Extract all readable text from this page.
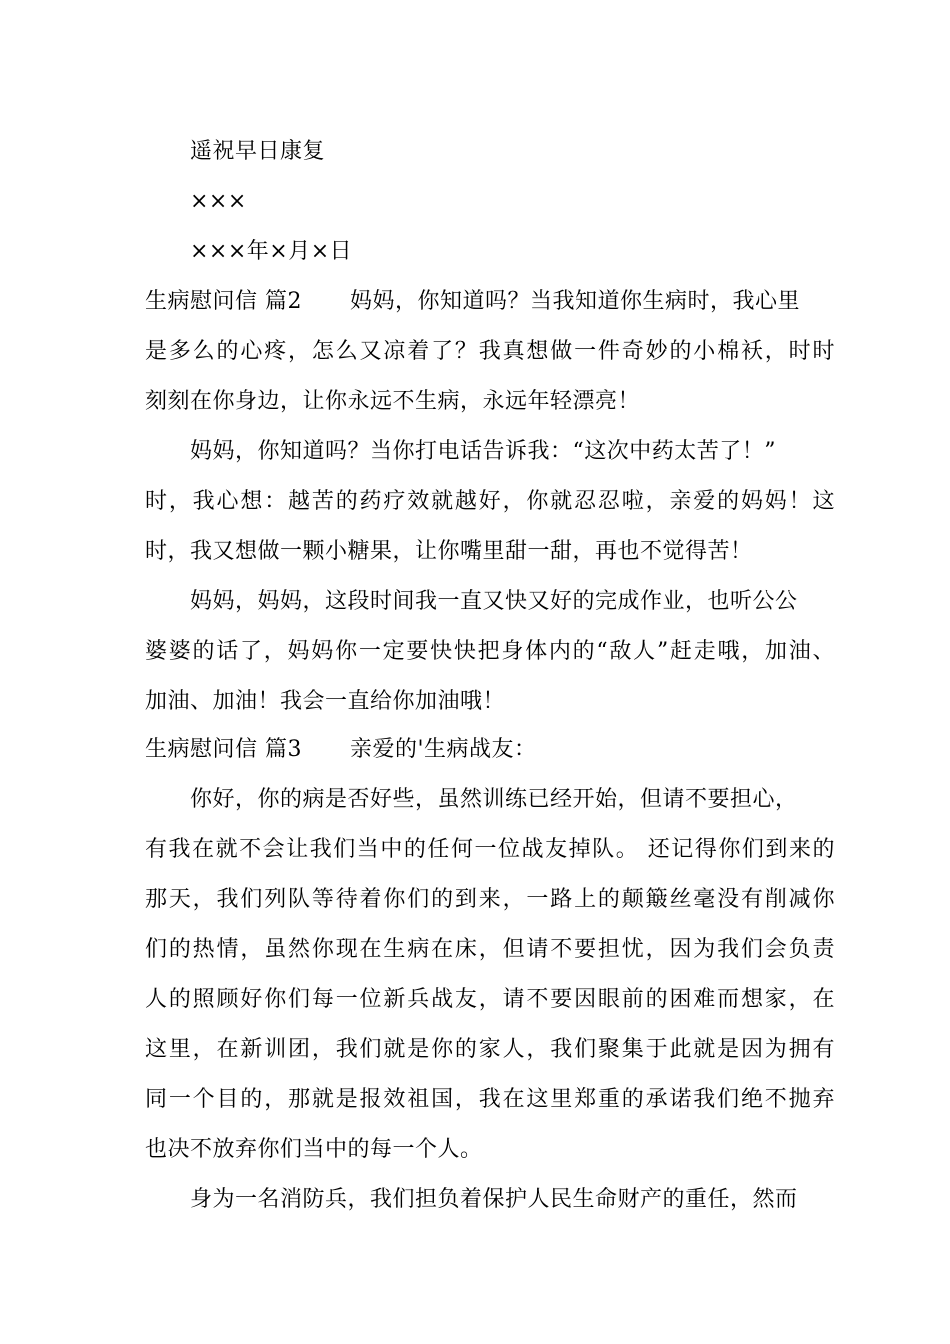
遥祝早日康复
×××
×××年×月×日
生病慰问信 篇2 妈妈，你知道吗？当我知道你生病时，我心里
是多么的心疼，怎么又凉着了？我真想做一件奇妙的小棉袄，时时
刻刻在你身边，让你永远不生病，永远年轻漂亮！
妈妈，你知道吗？当你打电话告诉我：“这次中药太苦了！”
时，我心想：越苦的药疗效就越好，你就忍忍啦，亲爱的妈妈！这
时，我又想做一颗小糖果，让你嘴里甜一甜，再也不觉得苦！
妈妈，妈妈，这段时间我一直又快又好的完成作业，也听公公
婆婆的话了，妈妈你一定要快快把身体内的“敌人”赶走哦，加油、
加油、加油！我会一直给你加油哦！
生病慰问信 篇3 亲爱的'生病战友：
你好，你的病是否好些，虽然训练已经开始，但请不要担心，
有我在就不会让我们当中的任何一位战友掉队。 还记得你们到来的
那天，我们列队等待着你们的到来，一路上的颠簸丝毫没有削减你
们的热情，虽然你现在生病在床，但请不要担忧，因为我们会负责
人的照顾好你们每一位新兵战友，请不要因眼前的困难而想家，在
这里，在新训团，我们就是你的家人，我们聚集于此就是因为拥有
同一个目的，那就是报效祖国，我在这里郑重的承诺我们绝不抛弃
也决不放弃你们当中的每一个人。
身为一名消防兵，我们担负着保护人民生命财产的重任，然而
